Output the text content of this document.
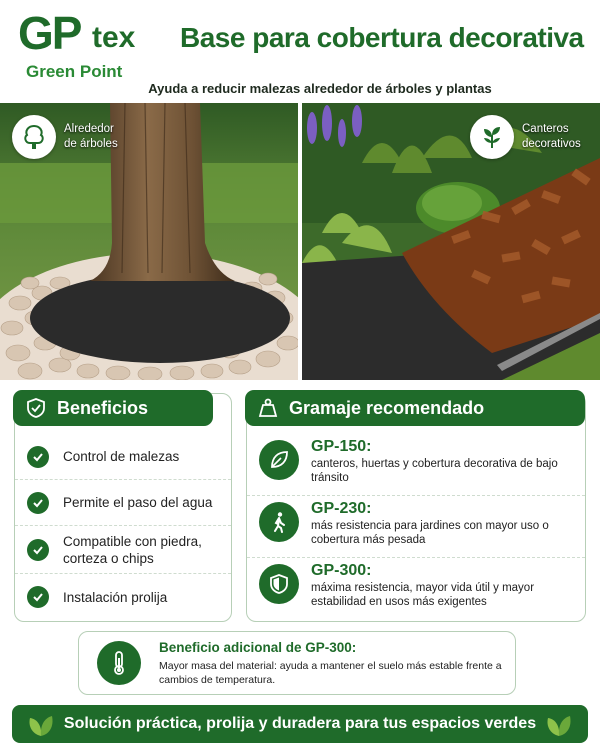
GP tex
Green Point
Base para cobertura decorativa
Ayuda a reducir malezas alrededor de árboles y plantas
Alrededor
de árboles
Canteros
decorativos
Beneficios
Control de malezas
Permite el paso del agua
Compatible con piedra, corteza o chips
Instalación prolija
Gramaje recomendado
GP-150:
canteros, huertas y cobertura decorativa de bajo tránsito
GP-230:
más resistencia para jardines con mayor uso o cobertura más pesada
GP-300:
máxima resistencia, mayor vida útil y mayor estabilidad en usos más exigentes
Beneficio adicional de GP-300:
Mayor masa del material: ayuda a mantener el suelo más estable frente a cambios de temperatura.
Solución práctica, prolija y duradera para tus espacios verdes
